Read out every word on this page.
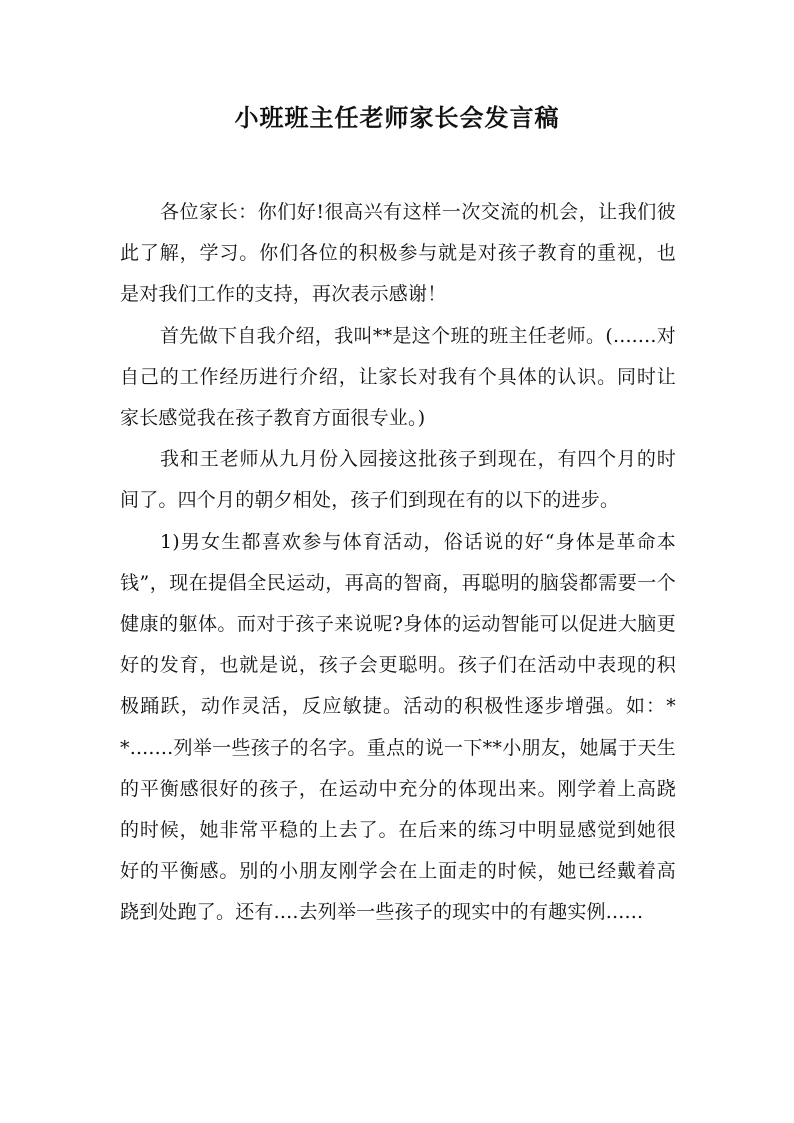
小班班主任老师家长会发言稿

各位家长：你们好!很高兴有这样一次交流的机会，让我们彼此了解，学习。你们各位的积极参与就是对孩子教育的重视，也是对我们工作的支持，再次表示感谢！

首先做下自我介绍，我叫**是这个班的班主任老师。(.......对自己的工作经历进行介绍，让家长对我有个具体的认识。同时让家长感觉我在孩子教育方面很专业。)

我和王老师从九月份入园接这批孩子到现在，有四个月的时间了。四个月的朝夕相处，孩子们到现在有的以下的进步。

1)男女生都喜欢参与体育活动，俗话说的好“身体是革命本钱”，现在提倡全民运动，再高的智商，再聪明的脑袋都需要一个健康的躯体。而对于孩子来说呢?身体的运动智能可以促进大脑更好的发育，也就是说，孩子会更聪明。孩子们在活动中表现的积极踊跃，动作灵活，反应敏捷。活动的积极性逐步增强。如：**.......列举一些孩子的名字。重点的说一下**小朋友，她属于天生的平衡感很好的孩子，在运动中充分的体现出来。刚学着上高跷的时候，她非常平稳的上去了。在后来的练习中明显感觉到她很好的平衡感。别的小朋友刚学会在上面走的时候，她已经戴着高跷到处跑了。还有....去列举一些孩子的现实中的有趣实例......
